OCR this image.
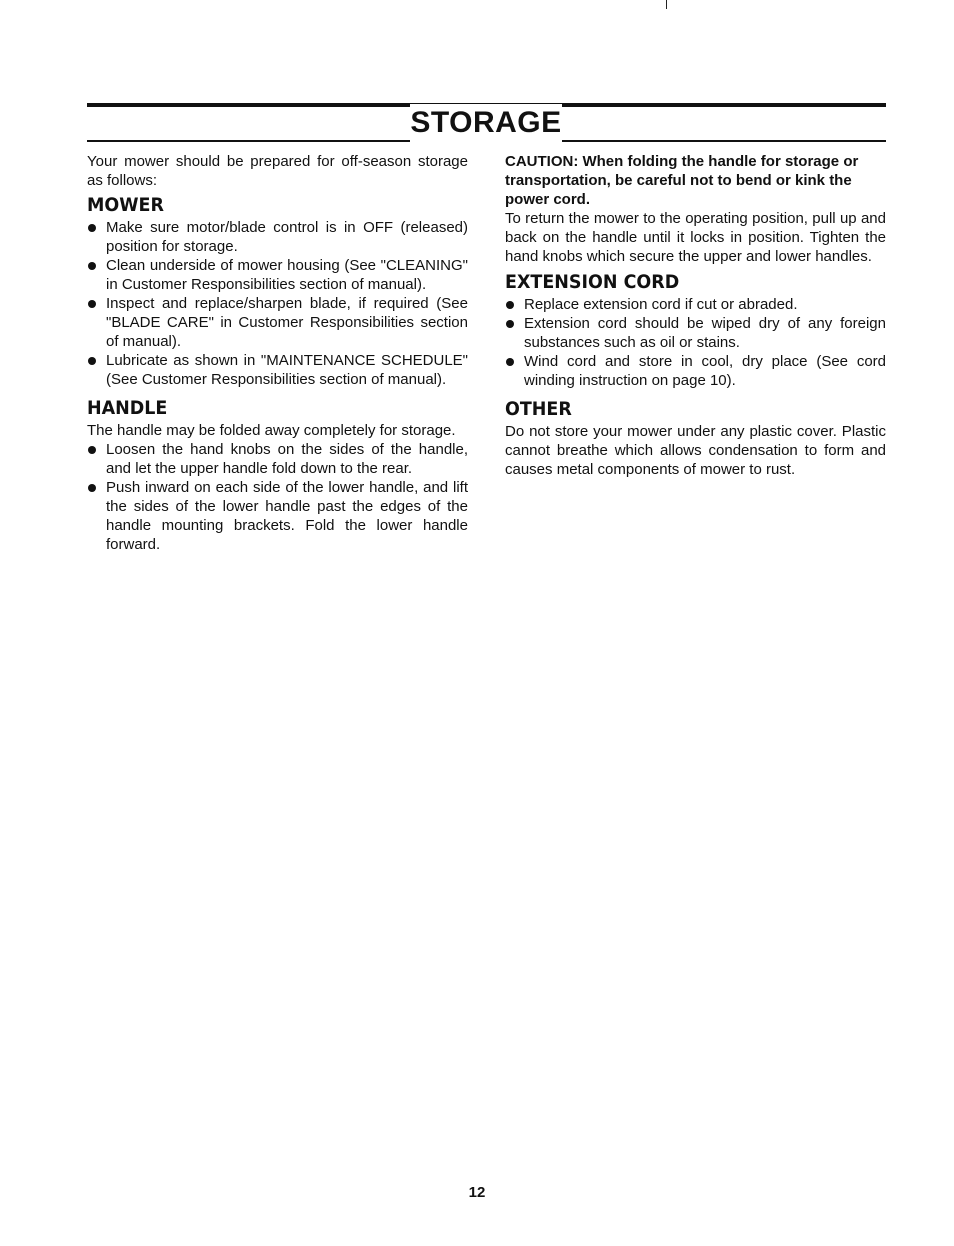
STORAGE

Your mower should be prepared for off-season storage as follows:

MOWER
Make sure motor/blade control is in OFF (released) position for storage.
Clean underside of mower housing (See "CLEANING" in Customer Responsibilities section of manual).
Inspect and replace/sharpen blade, if required (See "BLADE CARE" in Customer Responsibilities section of manual).
Lubricate as shown in "MAINTENANCE SCHEDULE" (See Customer Responsibilities section of manual).
HANDLE

The handle may be folded away completely for storage.

Loosen the hand knobs on the sides of the handle, and let the upper handle fold down to the rear.
Push inward on each side of the lower handle, and lift the sides of the lower handle past the edges of the handle mounting brackets. Fold the lower handle forward.

CAUTION: When folding the handle for storage or transportation, be careful not to bend or kink the power cord.

To return the mower to the operating position, pull up and back on the handle until it locks in position. Tighten the hand knobs which secure the upper and lower handles.

EXTENSION CORD
Replace extension cord if cut or abraded.
Extension cord should be wiped dry of any foreign substances such as oil or stains.
Wind cord and store in cool, dry place (See cord winding instruction on page 10).
OTHER

Do not store your mower under any plastic cover. Plastic cannot breathe which allows condensation to form and causes metal components of mower to rust.

12
